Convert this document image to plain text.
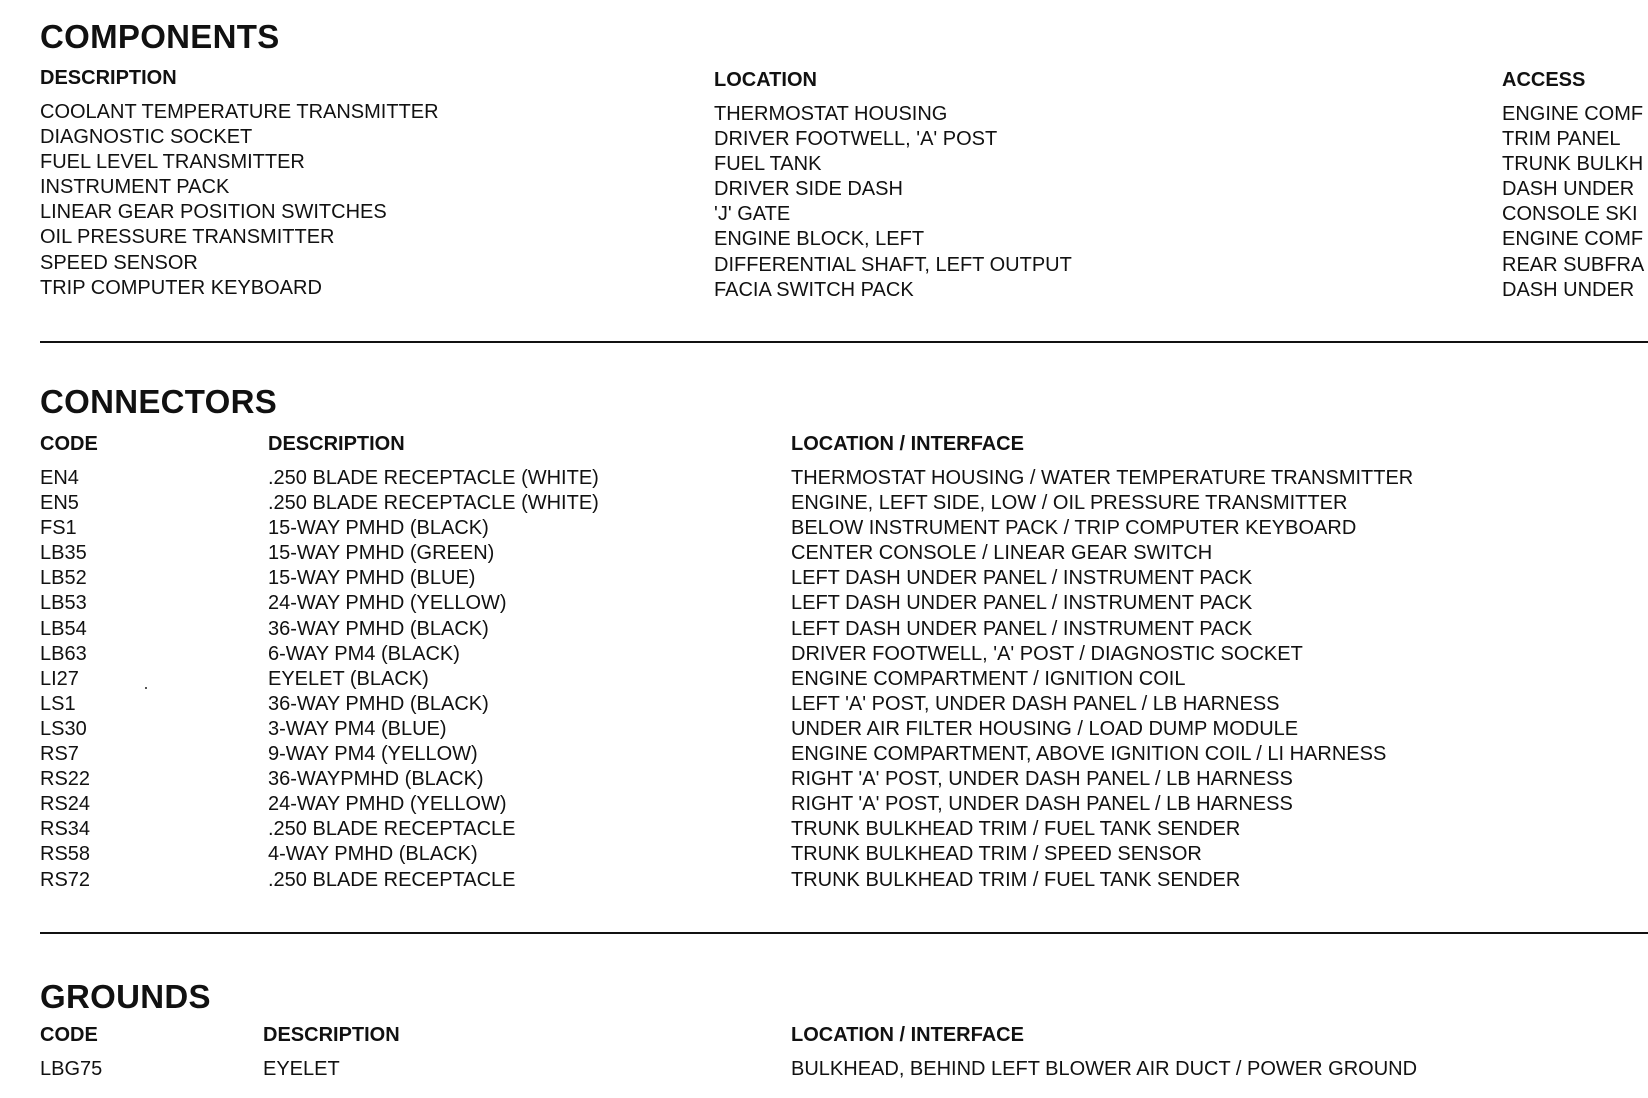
COMPONENTS
DESCRIPTION
COOLANT TEMPERATURE TRANSMITTER
DIAGNOSTIC SOCKET
FUEL LEVEL TRANSMITTER
INSTRUMENT PACK
LINEAR GEAR POSITION SWITCHES
OIL PRESSURE TRANSMITTER
SPEED SENSOR
TRIP COMPUTER KEYBOARD
LOCATION
THERMOSTAT HOUSING
DRIVER FOOTWELL, 'A' POST
FUEL TANK
DRIVER SIDE DASH
'J' GATE
ENGINE BLOCK, LEFT
DIFFERENTIAL SHAFT, LEFT OUTPUT
FACIA SWITCH PACK
ACCESS
ENGINE COMF
TRIM PANEL
TRUNK BULKH
DASH UNDER
CONSOLE SKI
ENGINE COMF
REAR SUBFRA
DASH UNDER
CONNECTORS
CODE
EN4
EN5
FS1
LB35
LB52
LB53
LB54
LB63
LI27
LS1
LS30
RS7
RS22
RS24
RS34
RS58
RS72
DESCRIPTION
.250 BLADE RECEPTACLE (WHITE)
.250 BLADE RECEPTACLE (WHITE)
15-WAY PMHD (BLACK)
15-WAY PMHD (GREEN)
15-WAY PMHD (BLUE)
24-WAY PMHD (YELLOW)
36-WAY PMHD (BLACK)
6-WAY PM4 (BLACK)
EYELET (BLACK)
36-WAY PMHD (BLACK)
3-WAY PM4 (BLUE)
9-WAY PM4 (YELLOW)
36-WAYPMHD (BLACK)
24-WAY PMHD (YELLOW)
.250 BLADE RECEPTACLE
4-WAY PMHD (BLACK)
.250 BLADE RECEPTACLE
LOCATION / INTERFACE
THERMOSTAT HOUSING / WATER TEMPERATURE TRANSMITTER
ENGINE, LEFT SIDE, LOW / OIL PRESSURE TRANSMITTER
BELOW INSTRUMENT PACK / TRIP COMPUTER KEYBOARD
CENTER CONSOLE / LINEAR GEAR SWITCH
LEFT DASH UNDER PANEL / INSTRUMENT PACK
LEFT DASH UNDER PANEL / INSTRUMENT PACK
LEFT DASH UNDER PANEL / INSTRUMENT PACK
DRIVER FOOTWELL, 'A' POST / DIAGNOSTIC SOCKET
ENGINE COMPARTMENT / IGNITION COIL
LEFT 'A' POST, UNDER DASH PANEL / LB HARNESS
UNDER AIR FILTER HOUSING / LOAD DUMP MODULE
ENGINE COMPARTMENT, ABOVE IGNITION COIL / LI HARNESS
RIGHT 'A' POST, UNDER DASH PANEL / LB HARNESS
RIGHT 'A' POST, UNDER DASH PANEL / LB HARNESS
TRUNK BULKHEAD TRIM / FUEL TANK SENDER
TRUNK BULKHEAD TRIM / SPEED SENSOR
TRUNK BULKHEAD TRIM / FUEL TANK SENDER
GROUNDS
CODE
LBG75
DESCRIPTION
EYELET
LOCATION / INTERFACE
BULKHEAD, BEHIND LEFT BLOWER AIR DUCT / POWER GROUND
